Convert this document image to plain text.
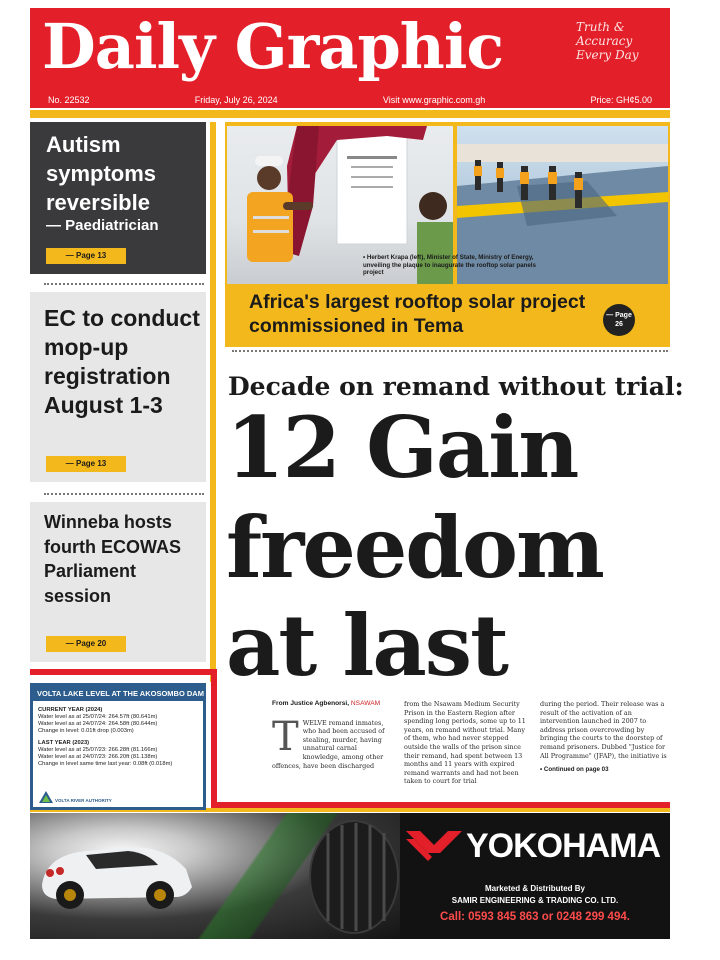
Daily Graphic	Truth & Accuracy Every Day
No. 22532	Friday, July 26, 2024	Visit www.graphic.com.gh	Price: GH¢5.00
Autism symptoms reversible
— Paediatrician
— Page 13
EC to conduct mop-up registration August 1-3
— Page 13
Winneba hosts fourth ECOWAS Parliament session
— Page 20
VOLTA LAKE LEVEL AT THE AKOSOMBO DAM
CURRENT YEAR (2024)
Water level as at 25/07/24: 264.57ft (80.641m)
Water level as at 24/07/24: 264.58ft (80.644m)
Change in level: 0.01ft drop (0.003m)
LAST YEAR (2023)
Water level as at 25/07/23: 266.28ft (81.166m)
Water level as at 24/07/23: 266.20ft (81.138m)
Change in level same time last year: 0.08ft (0.018m)
VOLTA RIVER AUTHORITY
• Herbert Krapa (left), Minister of State, Ministry of Energy, unveiling the plaque to inaugurate the rooftop solar panels project
Africa's largest rooftop solar project commissioned in Tema	— Page 26
Decade on remand without trial:
12 Gain
freedom
at last
From Justice Agbenorsi, NSAWAM
T WELVE remand inmates, who had been accused of stealing, murder, having unnatural carnal knowledge, among other offences, have been discharged
from the Nsawam Medium Security Prison in the Eastern Region after spending long periods, some up to 11 years, on remand without trial. Many of them, who had never stepped outside the walls of the prison since their remand, had spent between 13 months and 11 years with expired remand warrants and had not been taken to court for trial
during the period. Their release was a result of the activation of an intervention launched in 2007 to address prison overcrowding by bringing the courts to the doorstep of remand prisoners. Dubbed "Justice for All Programme" (JFAP), the initiative is
• Continued on page 03
YOKOHAMA
Marketed & Distributed By
SAMIR ENGINEERING & TRADING CO. LTD.
Call: 0593 845 863 or 0248 299 494.
